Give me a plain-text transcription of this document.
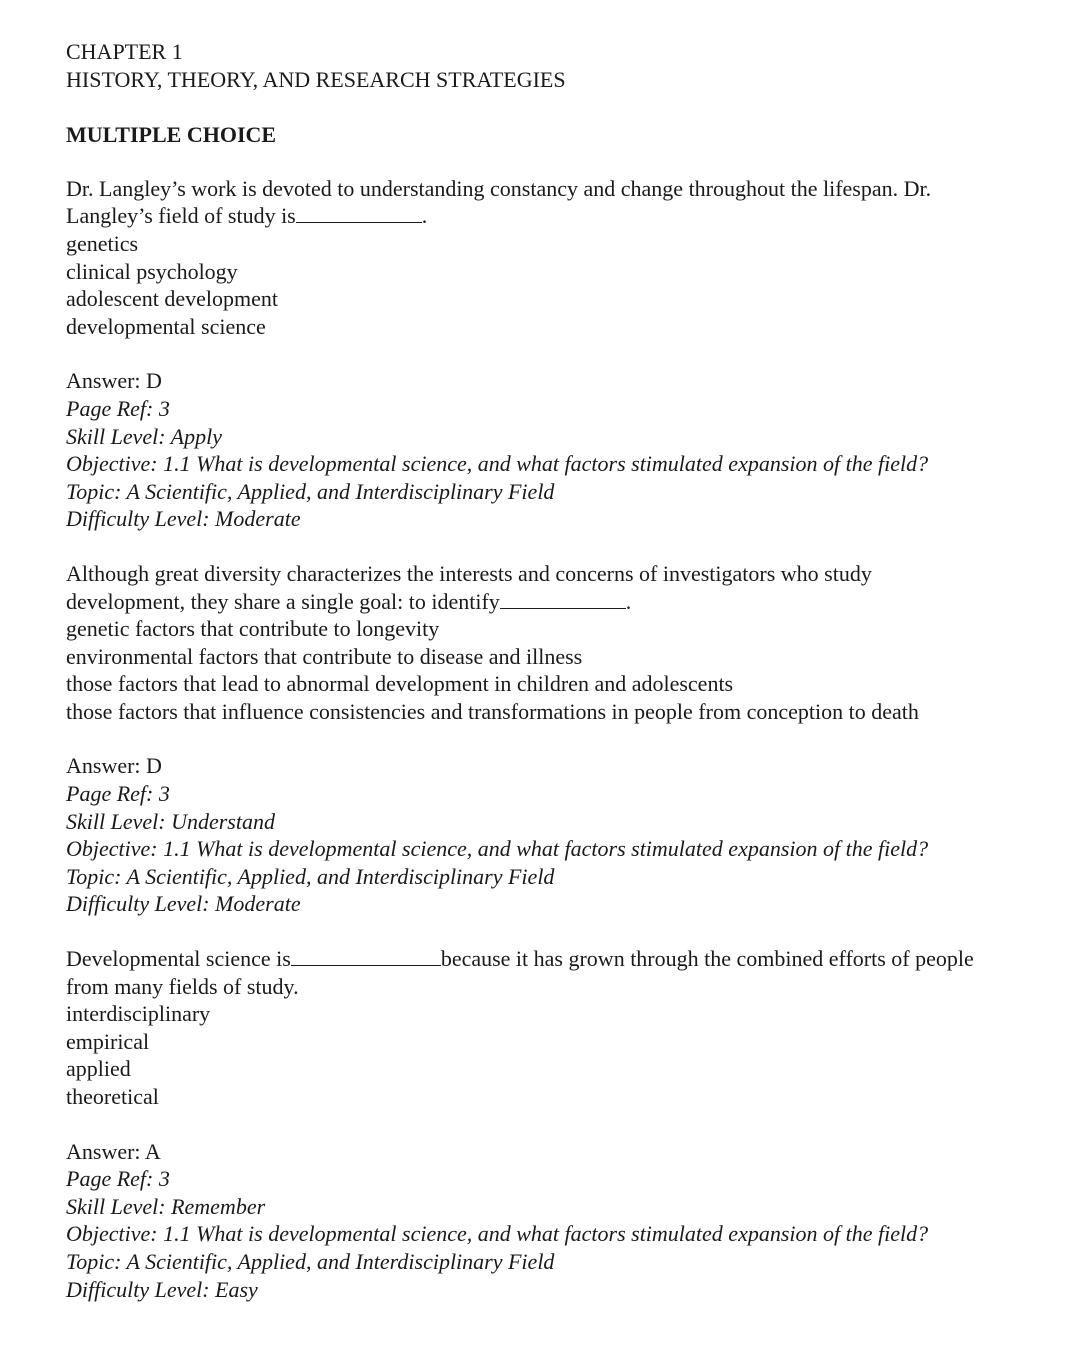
CHAPTER 1
HISTORY, THEORY, AND RESEARCH STRATEGIES
MULTIPLE CHOICE
Dr. Langley’s work is devoted to understanding constancy and change throughout the lifespan. Dr.
Langley’s field of study is	.
genetics
clinical psychology
adolescent development
developmental science
Answer: D
Page Ref: 3
Skill Level: Apply
Objective: 1.1 What is developmental science, and what factors stimulated expansion of the field?
Topic: A Scientific, Applied, and Interdisciplinary Field
Difficulty Level: Moderate
Although great diversity characterizes the interests and concerns of investigators who study
development, they share a single goal: to identify	.
genetic factors that contribute to longevity
environmental factors that contribute to disease and illness
those factors that lead to abnormal development in children and adolescents
those factors that influence consistencies and transformations in people from conception to death
Answer: D
Page Ref: 3
Skill Level: Understand
Objective: 1.1 What is developmental science, and what factors stimulated expansion of the field?
Topic: A Scientific, Applied, and Interdisciplinary Field
Difficulty Level: Moderate
Developmental science is	because it has grown through the combined efforts of people
from many fields of study.
interdisciplinary
empirical
applied
theoretical
Answer: A
Page Ref: 3
Skill Level: Remember
Objective: 1.1 What is developmental science, and what factors stimulated expansion of the field?
Topic: A Scientific, Applied, and Interdisciplinary Field
Difficulty Level: Easy
